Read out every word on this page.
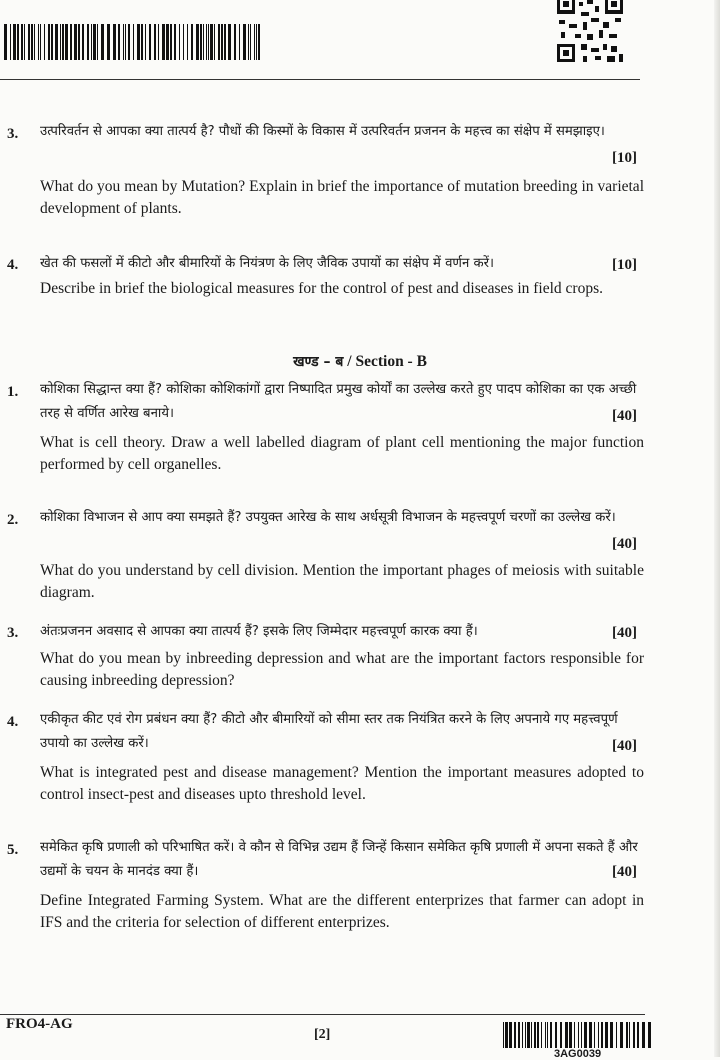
3. उत्परिवर्तन से आपका क्या तात्पर्य है? पौधों की किस्मों के विकास में उत्परिवर्तन प्रजनन के महत्त्व का संक्षेप में समझाइए।
[10]
What do you mean by Mutation? Explain in brief the importance of mutation breeding in varietal development of plants.
4. खेत की फसलों में कीटो और बीमारियों के नियंत्रण के लिए जैविक उपायों का संक्षेप में वर्णन करें।	[10]
Describe in brief the biological measures for the control of pest and diseases in field crops.
खण्ड – ब / Section - B
1. कोशिका सिद्धान्त क्या हैं? कोशिका कोशिकांगों द्वारा निष्पादित प्रमुख कोर्यों का उल्लेख करते हुए पादप कोशिका का एक अच्छी तरह से वर्णित आरेख बनाये।	[40]
What is cell theory. Draw a well labelled diagram of plant cell mentioning the major function performed by cell organelles.
2. कोशिका विभाजन से आप क्या समझते हैं? उपयुक्त आरेख के साथ अर्धसूत्री विभाजन के महत्त्वपूर्ण चरणों का उल्लेख करें।
[40]
What do you understand by cell division. Mention the important phages of meiosis with suitable diagram.
3. अंतःप्रजनन अवसाद से आपका क्या तात्पर्य हैं? इसके लिए जिम्मेदार महत्त्वपूर्ण कारक क्या हैं।	[40]
What do you mean by inbreeding depression and what are the important factors responsible for causing inbreeding depression?
4. एकीकृत कीट एवं रोग प्रबंधन क्या हैं? कीटो और बीमारियों को सीमा स्तर तक नियंत्रित करने के लिए अपनाये गए महत्त्वपूर्ण उपायो का उल्लेख करें।	[40]
What is integrated pest and disease management? Mention the important measures adopted to control insect-pest and diseases upto threshold level.
5. समेकित कृषि प्रणाली को परिभाषित करें। वे कौन से विभिन्न उद्यम हैं जिन्हें किसान समेकित कृषि प्रणाली में अपना सकते हैं और उद्यमों के चयन के मानदंड क्या हैं।	[40]
Define Integrated Farming System. What are the different enterprizes that farmer can adopt in IFS and the criteria for selection of different enterprizes.
FRO4-AG
[2]
3AG0039
